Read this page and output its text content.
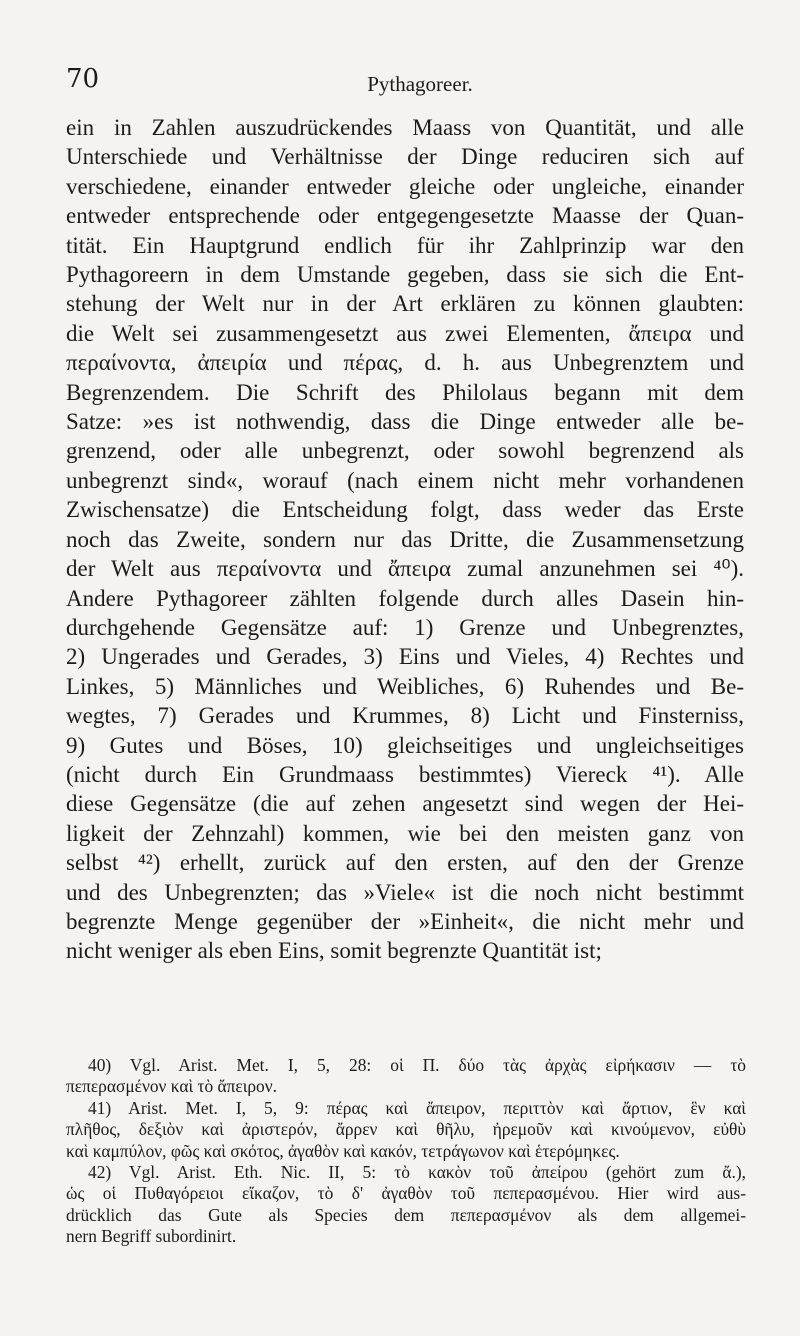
70	Pythagoreer.
ein in Zahlen auszudrückendes Maass von Quantität, und alle
Unterschiede und Verhältnisse der Dinge reduciren sich auf
verschiedene, einander entweder gleiche oder ungleiche, einander
entweder entsprechende oder entgegengesetzte Maasse der Quan-
tität. Ein Hauptgrund endlich für ihr Zahlprinzip war den
Pythagoreern in dem Umstande gegeben, dass sie sich die Ent-
stehung der Welt nur in der Art erklären zu können glaubten:
die Welt sei zusammengesetzt aus zwei Elementen, ἄπειρα und
περαίνοντα, ἀπειρία und πέρας, d. h. aus Unbegrenztem und
Begrenzendem. Die Schrift des Philolaus begann mit dem
Satze: »es ist nothwendig, dass die Dinge entweder alle be-
grenzend, oder alle unbegrenzt, oder sowohl begrenzend als
unbegrenzt sind«, worauf (nach einem nicht mehr vorhandenen
Zwischensatze) die Entscheidung folgt, dass weder das Erste
noch das Zweite, sondern nur das Dritte, die Zusammensetzung
der Welt aus περαίνοντα und ἄπειρα zumal anzunehmen sei ⁴⁰).
Andere Pythagoreer zählten folgende durch alles Dasein hin-
durchgehende Gegensätze auf: 1) Grenze und Unbegrenztes,
2) Ungerades und Gerades, 3) Eins und Vieles, 4) Rechtes und
Linkes, 5) Männliches und Weibliches, 6) Ruhendes und Be-
wegtes, 7) Gerades und Krummes, 8) Licht und Finsterniss,
9) Gutes und Böses, 10) gleichseitiges und ungleichseitiges
(nicht durch Ein Grundmaass bestimmtes) Viereck ⁴¹). Alle
diese Gegensätze (die auf zehen angesetzt sind wegen der Hei-
ligkeit der Zehnzahl) kommen, wie bei den meisten ganz von
selbst ⁴²) erhellt, zurück auf den ersten, auf den der Grenze
und des Unbegrenzten; das »Viele« ist die noch nicht bestimmt
begrenzte Menge gegenüber der »Einheit«, die nicht mehr und
nicht weniger als eben Eins, somit begrenzte Quantität ist;
40) Vgl. Arist. Met. I, 5, 28: οἱ Π. δύο τὰς ἀρχὰς εἰρήκασιν — τὸ
πεπερασμένον καὶ τὸ ἄπειρον.
41) Arist. Met. I, 5, 9: πέρας καὶ ἄπειρον, περιττὸν καὶ ἄρτιον, ἓν καὶ
πλῆθος, δεξιὸν καὶ ἀριστερόν, ἄρρεν καὶ θῆλυ, ἠρεμοῦν καὶ κινούμενον, εὐθὺ
καὶ καμπύλον, φῶς καὶ σκότος, ἀγαθὸν καὶ κακόν, τετράγωνον καὶ ἑτερόμηκες.
42) Vgl. Arist. Eth. Nic. II, 5: τὸ κακὸν τοῦ ἀπείρου (gehört zum ἄ.),
ὡς οἱ Πυθαγόρειοι εἴκαζον, τὸ δ' ἀγαθὸν τοῦ πεπερασμένου. Hier wird aus-
drücklich das Gute als Species dem πεπερασμένον als dem allgemei-
nern Begriff subordinirt.
